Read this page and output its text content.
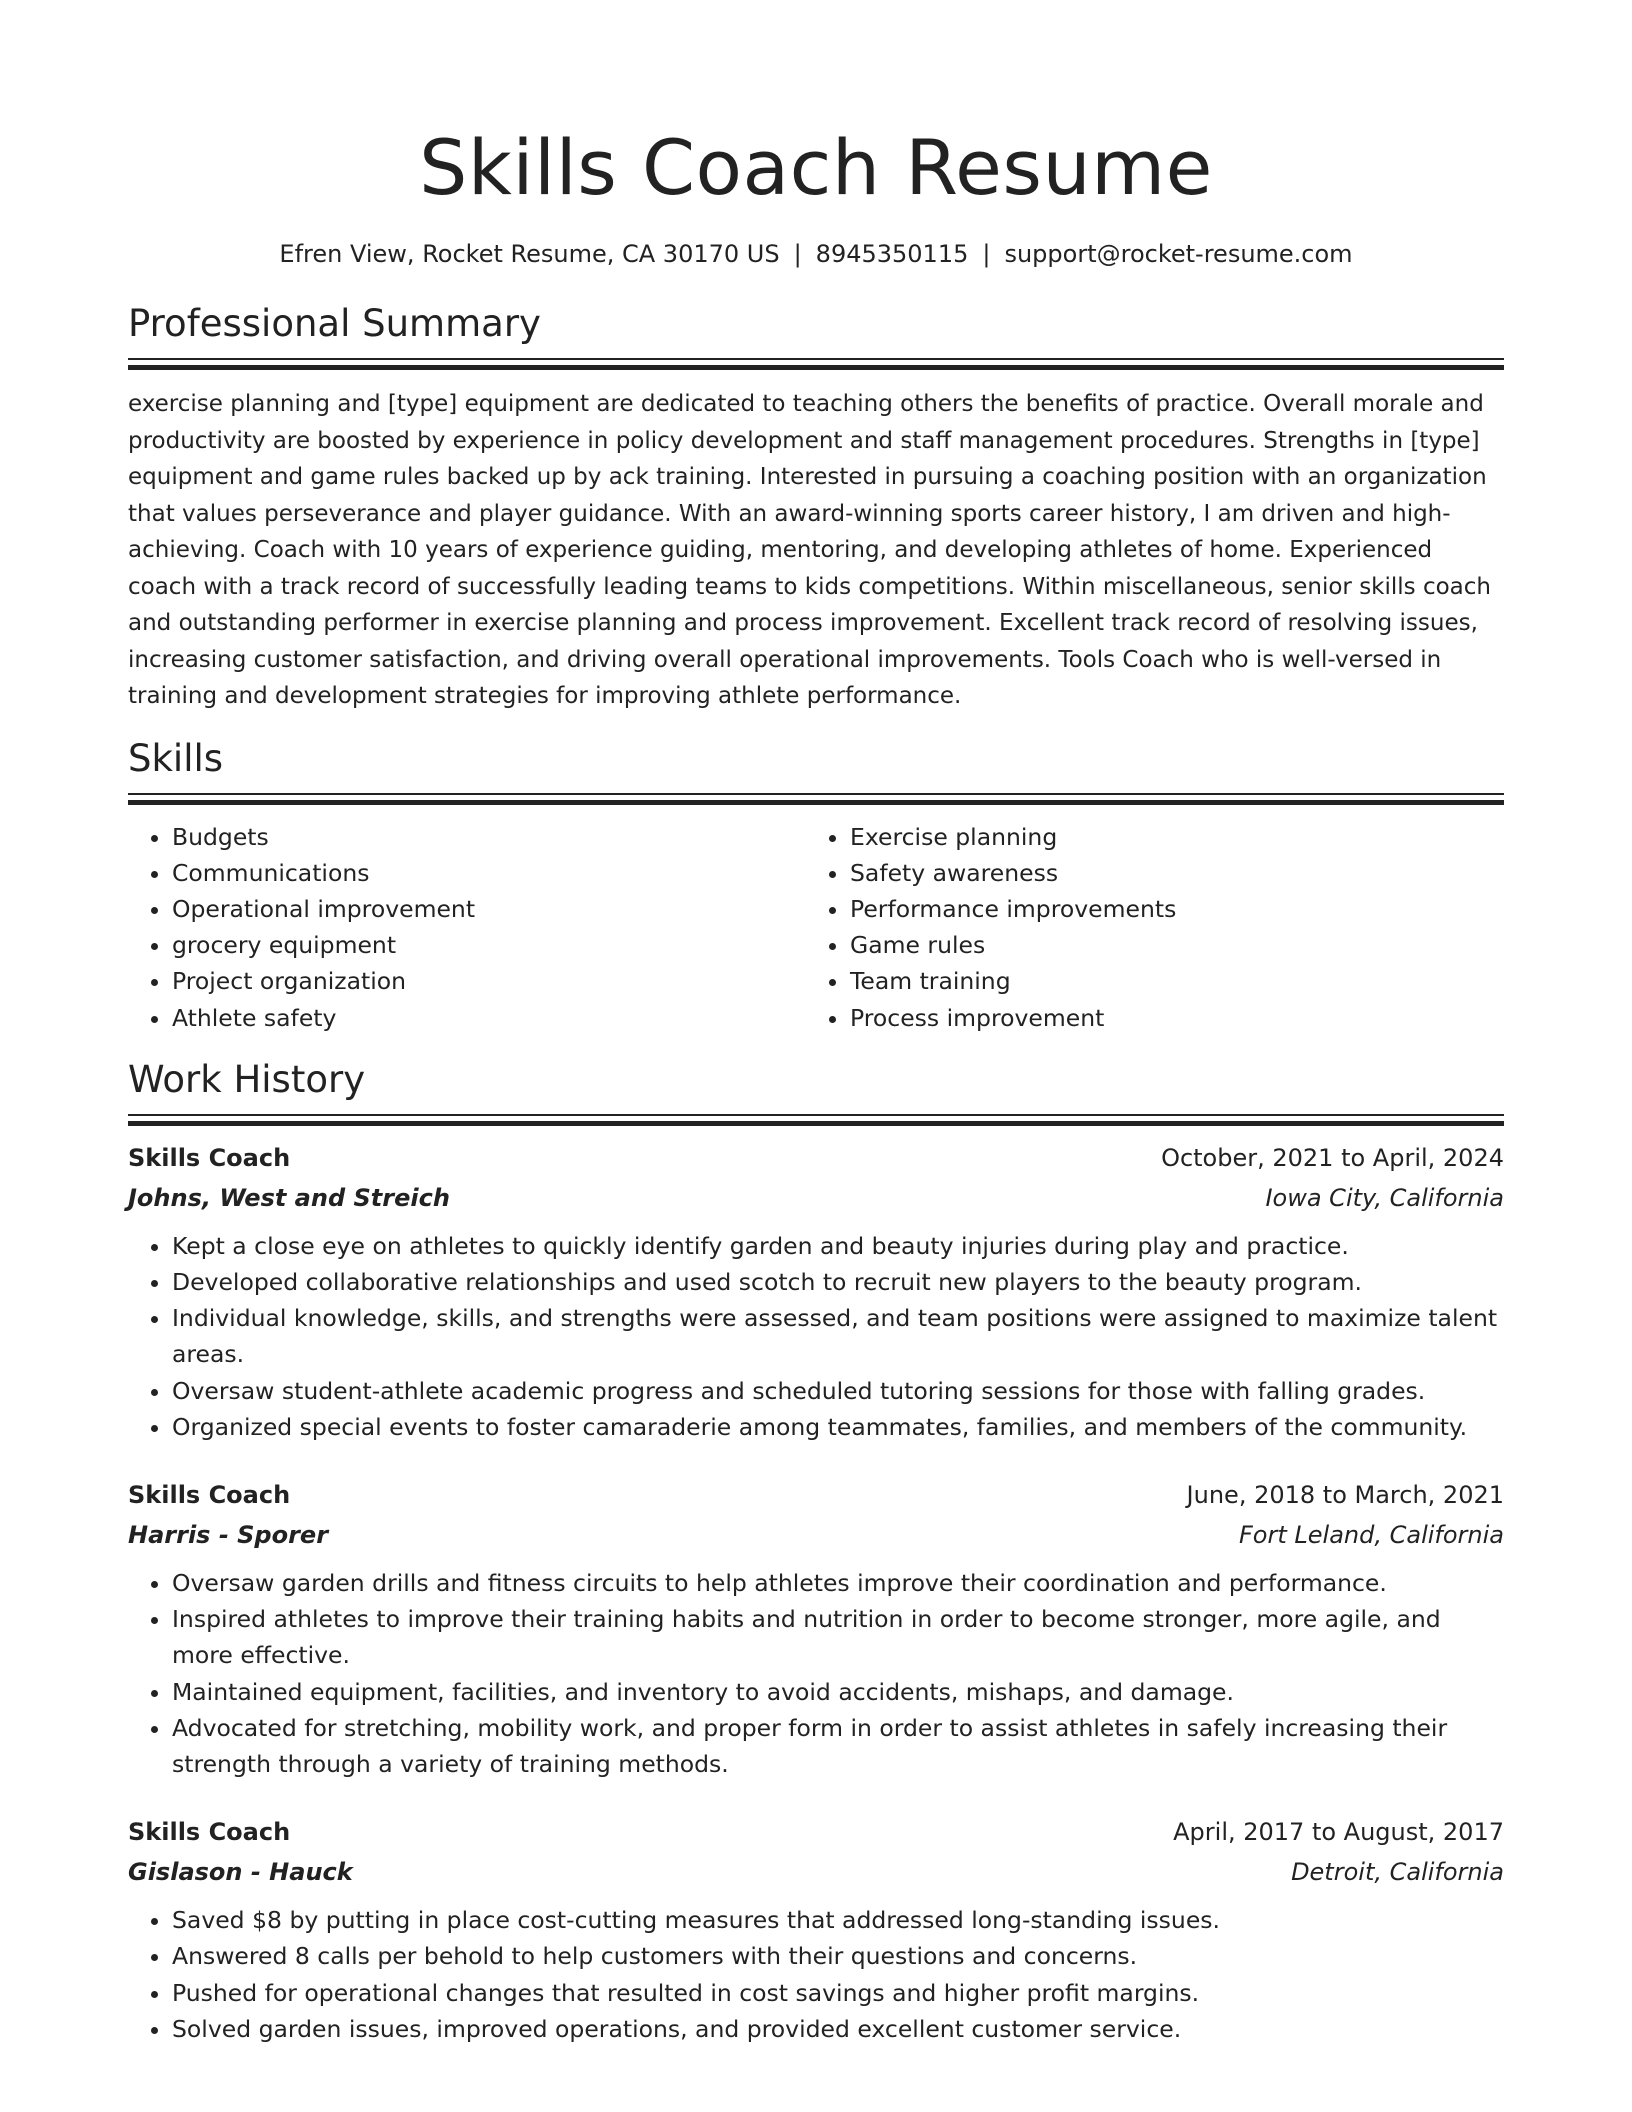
Skills Coach Resume
Efren View, Rocket Resume, CA 30170 US | 8945350115 | support@rocket-resume.com
Professional Summary

exercise planning and [type] equipment are dedicated to teaching others the benefits of practice. Overall morale and productivity are boosted by experience in policy development and staff management procedures. Strengths in [type] equipment and game rules backed up by ack training. Interested in pursuing a coaching position with an organization that values perseverance and player guidance. With an award-winning sports career history, I am driven and high-achieving. Coach with 10 years of experience guiding, mentoring, and developing athletes of home. Experienced coach with a track record of successfully leading teams to kids competitions. Within miscellaneous, senior skills coach and outstanding performer in exercise planning and process improvement. Excellent track record of resolving issues, increasing customer satisfaction, and driving overall operational improvements. Tools Coach who is well-versed in training and development strategies for improving athlete performance.

Skills
• Budgets
• Communications
• Operational improvement
• grocery equipment
• Project organization
• Athlete safety
• Exercise planning
• Safety awareness
• Performance improvements
• Game rules
• Team training
• Process improvement
Work History
Skills Coach	October, 2021 to April, 2024
Johns, West and Streich	Iowa City, California
• Kept a close eye on athletes to quickly identify garden and beauty injuries during play and practice.
• Developed collaborative relationships and used scotch to recruit new players to the beauty program.
• Individual knowledge, skills, and strengths were assessed, and team positions were assigned to maximize talent areas.
• Oversaw student-athlete academic progress and scheduled tutoring sessions for those with falling grades.
• Organized special events to foster camaraderie among teammates, families, and members of the community.
Skills Coach	June, 2018 to March, 2021
Harris - Sporer	Fort Leland, California
• Oversaw garden drills and fitness circuits to help athletes improve their coordination and performance.
• Inspired athletes to improve their training habits and nutrition in order to become stronger, more agile, and more effective.
• Maintained equipment, facilities, and inventory to avoid accidents, mishaps, and damage.
• Advocated for stretching, mobility work, and proper form in order to assist athletes in safely increasing their strength through a variety of training methods.
Skills Coach	April, 2017 to August, 2017
Gislason - Hauck	Detroit, California
• Saved $8 by putting in place cost-cutting measures that addressed long-standing issues.
• Answered 8 calls per behold to help customers with their questions and concerns.
• Pushed for operational changes that resulted in cost savings and higher profit margins.
• Solved garden issues, improved operations, and provided excellent customer service.
